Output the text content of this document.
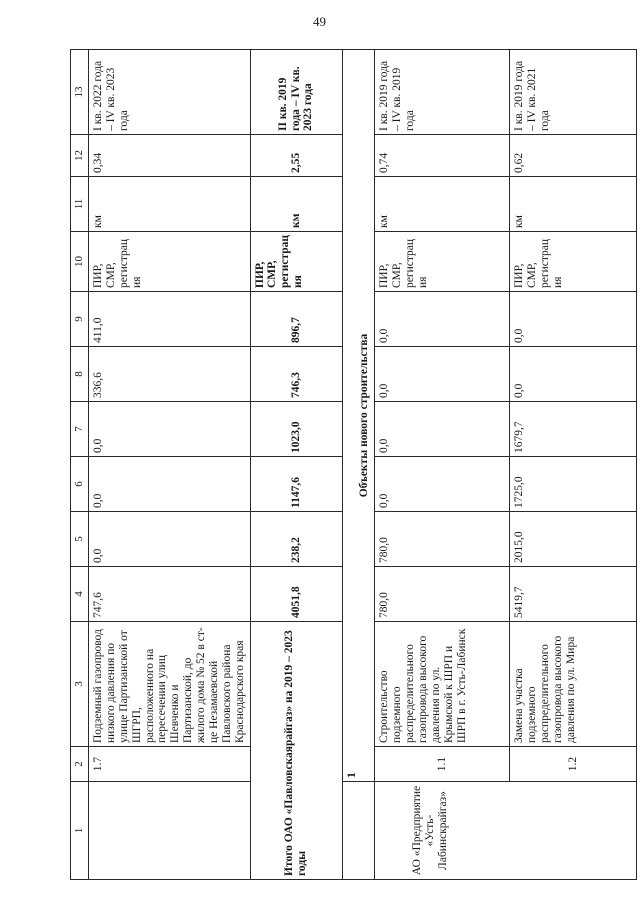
49
1	2	3	4	5	6	7	8	9	10	11	12	13
	1.7	Подземный газопровод низкого давления по улице Партизанской от ШГРП, расположенного на пересечении улиц Шевченко и Партизанской, до жилого дома № 52 в ст-це Незамаевской Павловского района Краснодарского края	747,6	0,0	0,0	0,0	336,6	411,0	ПИР, СМР, регистрация	км	0,34	I кв. 2022 года – IV кв. 2023 года
Итого ОАО «Павловскаярайгаз» на 2019 – 2023 годы			4051,8	238,2	1147,6	1023,0	746,3	896,7	ПИР, СМР, регистрация	км	2,55	II кв. 2019 года – IV кв. 2023 года

	1
Объекты нового строительства											

АО «Предприятие «Усть-Лабинскрайгаз»	1.1	Строительство подземного распределительного газопровода высокого давления по ул. Крымской к ШРП и ШРП в г. Усть-Лабинск	780,0	780,0	0,0	0,0	0,0	0,0	ПИР, СМР, регистрация	км	0,74	I кв. 2019 года – IV кв. 2019 года
	1.2	Замена участка подземного распределительного газопровода высокого давления по ул. Мира	5419,7	2015,0	1725,0	1679,7	0,0	0,0	ПИР, СМР, регистрация	км	0,62	I кв. 2019 года – IV кв. 2021 года
